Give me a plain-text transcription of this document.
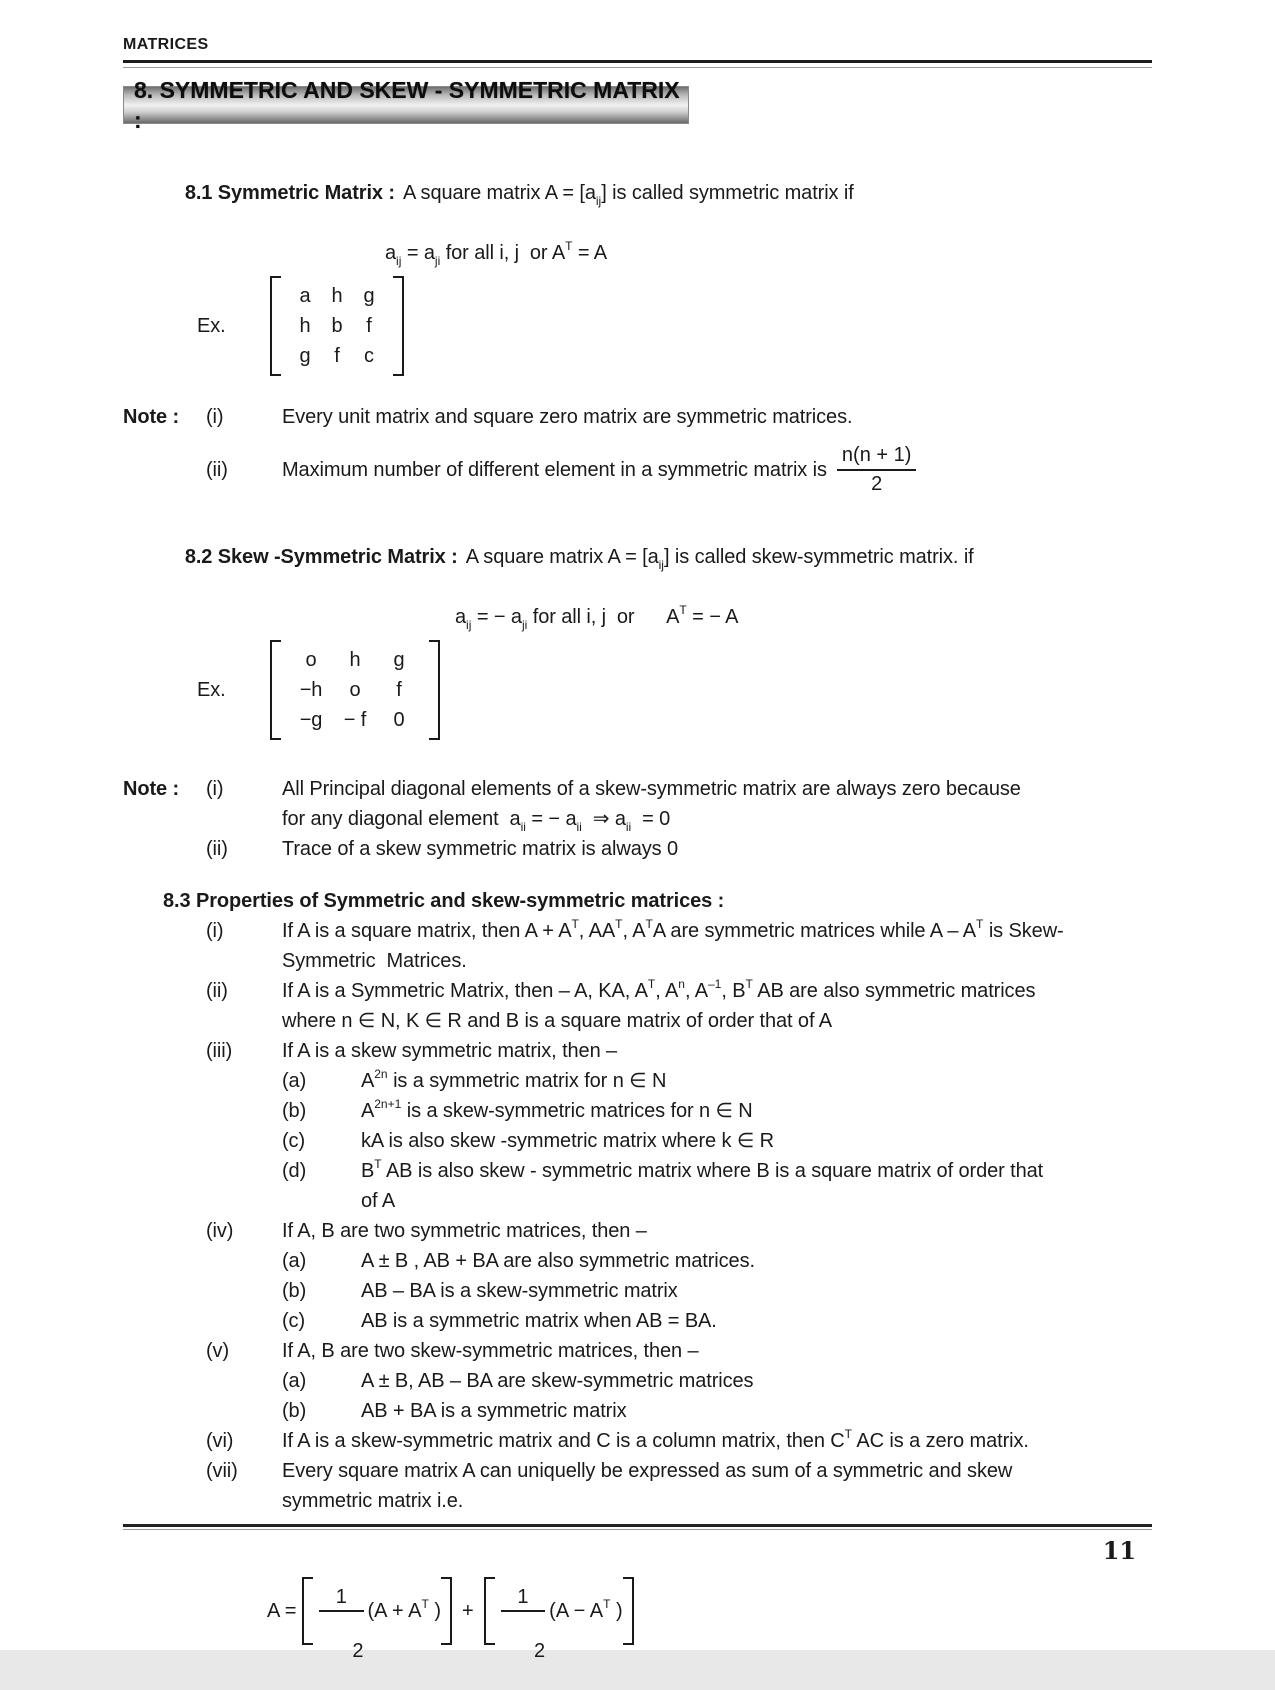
MATRICES
8. SYMMETRIC AND SKEW - SYMMETRIC MATRIX :

8.1 Symmetric Matrix : A square matrix $A = [a_{ij}]$ is called symmetric matrix if

$a_{ij} = a_{ji}$ for all i, j  or $A^T = A$
Ex.
a	h	g
h	b	f
g	f	c
Note :	(i)	Every unit matrix and square zero matrix are symmetric matrices.
(ii)	Maximum number of different element in a symmetric matrix is $\frac{n(n + 1)}{2}$

8.2 Skew -Symmetric Matrix : A square matrix $A = [a_{ij}]$ is called skew-symmetric matrix. if

$a_{ij}$ = − $a_{ji}$ for all i, j  or      $A^T$ = − A
Ex.
o	h	g
−h	o	f
−g	− f	0
Note :	(i)	All Principal diagonal elements of a skew-symmetric matrix are always zero because
for any diagonal element  $a_{ii}$ = − $a_{ii}$  ⇒ $a_{ii} = 0$
(ii)	Trace of a skew symmetric matrix is always 0
8.3 Properties of Symmetric and skew-symmetric matrices :
(i)	If A is a square matrix, then $A + A^T$, $AA^T$, $A^TA$ are symmetric matrices while A – $A^T$ is Skew-
Symmetric  Matrices.
(ii)	If A is a Symmetric Matrix, then – A, KA, $A^T$, $A^n$, $A^{-1}$, $B^T$ AB are also symmetric matrices
where n ∈ N, K ∈ R and B is a square matrix of order that of A
(iii)	If A is a skew symmetric matrix, then –
(a)	$A^{2n}$ is a symmetric matrix for n ∈ N
(b)	$A^{2n+1}$ is a skew-symmetric matrices for n ∈ N
(c)	kA is also skew -symmetric matrix where k ∈ R
(d)	$B^T$ AB is also skew - symmetric matrix where B is a square matrix of order that
of A
(iv)	If A, B are two symmetric matrices, then –
(a)	A ± B , AB + BA are also symmetric matrices.
(b)	AB – BA is a skew-symmetric matrix
(c)	AB is a symmetric matrix when AB = BA.
(v)	If A, B are two skew-symmetric matrices, then –
(a)	A ± B, AB – BA are skew-symmetric matrices
(b)	AB + BA is a symmetric matrix
(vi)	If A is a skew-symmetric matrix and C is a column matrix, then $C^T$ AC is a zero matrix.
(vii)	Every square matrix A can uniquelly be expressed as sum of a symmetric and skew
symmetric matrix i.e.
A =

$\frac{1}{2}$
($A + A^T$ ) +

$\frac{1}{2}$
($A - A^T$ )
11
